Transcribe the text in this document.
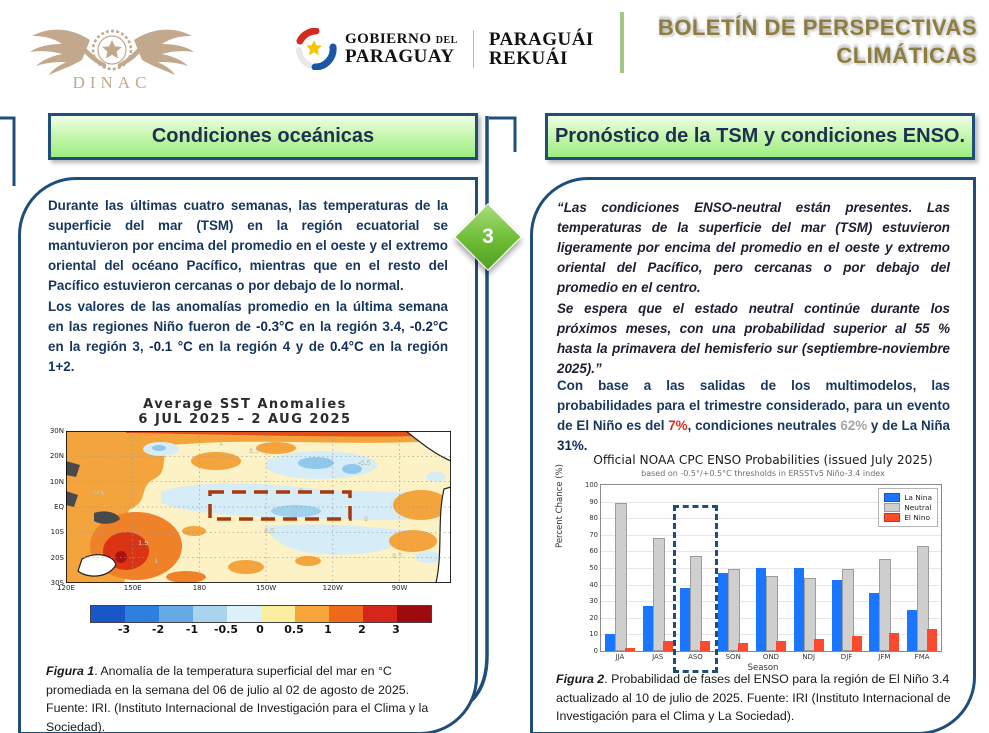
DINAC
GOBIERNO DEL
PARAGUAY
PARAGUÁI
REKUÁI
BOLETÍN DE PERSPECTIVAS
CLIMÁTICAS
Condiciones oceánicas	Pronóstico de la TSM y condiciones ENSO.
3
Durante las últimas cuatro semanas, las temperaturas de la superficie del mar (TSM) en la región ecuatorial se mantuvieron por encima del promedio en el oeste y el extremo oriental del océano Pacífico, mientras que en el resto del Pacífico estuvieron cercanas o por debajo de lo normal.
Los valores de las anomalías promedio en la última semana en las regiones Niño fueron de -0.3°C en la región 3.4, -0.2°C en la región 3, -0.1 °C en la región 4 y de 0.4°C en la región 1+2.
Average SST Anomalies
6 JUL 2025 – 2 AUG 2025
1
0.5
-0.5
0
0
0.5
0.5
1
1.5
0.5
30N
20N
10N
EQ
10S
20S
30S
120E	150E	180	150W	120W	90W
-3 -2 -1 -0.5 0 0.5 1 2 3
Figura 1. Anomalía de la temperatura superficial del mar en °C promediada en la semana del 06 de julio al 02 de agosto de 2025. Fuente: IRI. (Instituto Internacional de Investigación para el Clima y la Sociedad).
“Las condiciones ENSO-neutral están presentes. Las temperaturas de la superficie del mar (TSM) estuvieron ligeramente por encima del promedio en el oeste y extremo oriental del Pacífico, pero cercanas o por debajo del promedio en el centro.
Se espera que el estado neutral continúe durante los próximos meses, con una probabilidad superior al 55 % hasta la primavera del hemisferio sur (septiembre-noviembre 2025).”
Con base a las salidas de los multimodelos, las probabilidades para el trimestre considerado, para un evento de El Niño es del 7%, condiciones neutrales 62% y de La Niña 31%.
Official NOAA CPC ENSO Probabilities (issued July 2025)
based on -0.5°/+0.5°C thresholds in ERSSTv5 Niño-3.4 index
Percent Chance (%)	La Nina
Neutral
El Nino
0
10
20
30
40
50
60
70
80
90
100
JJA	JAS	ASO	SON	OND	NDJ	DJF	JFM	FMA
Season
Figura 2. Probabilidad de fases del ENSO para la región de El Niño 3.4 actualizado al 10 de julio de 2025. Fuente: IRI (Instituto Internacional de Investigación para el Clima y La Sociedad).
